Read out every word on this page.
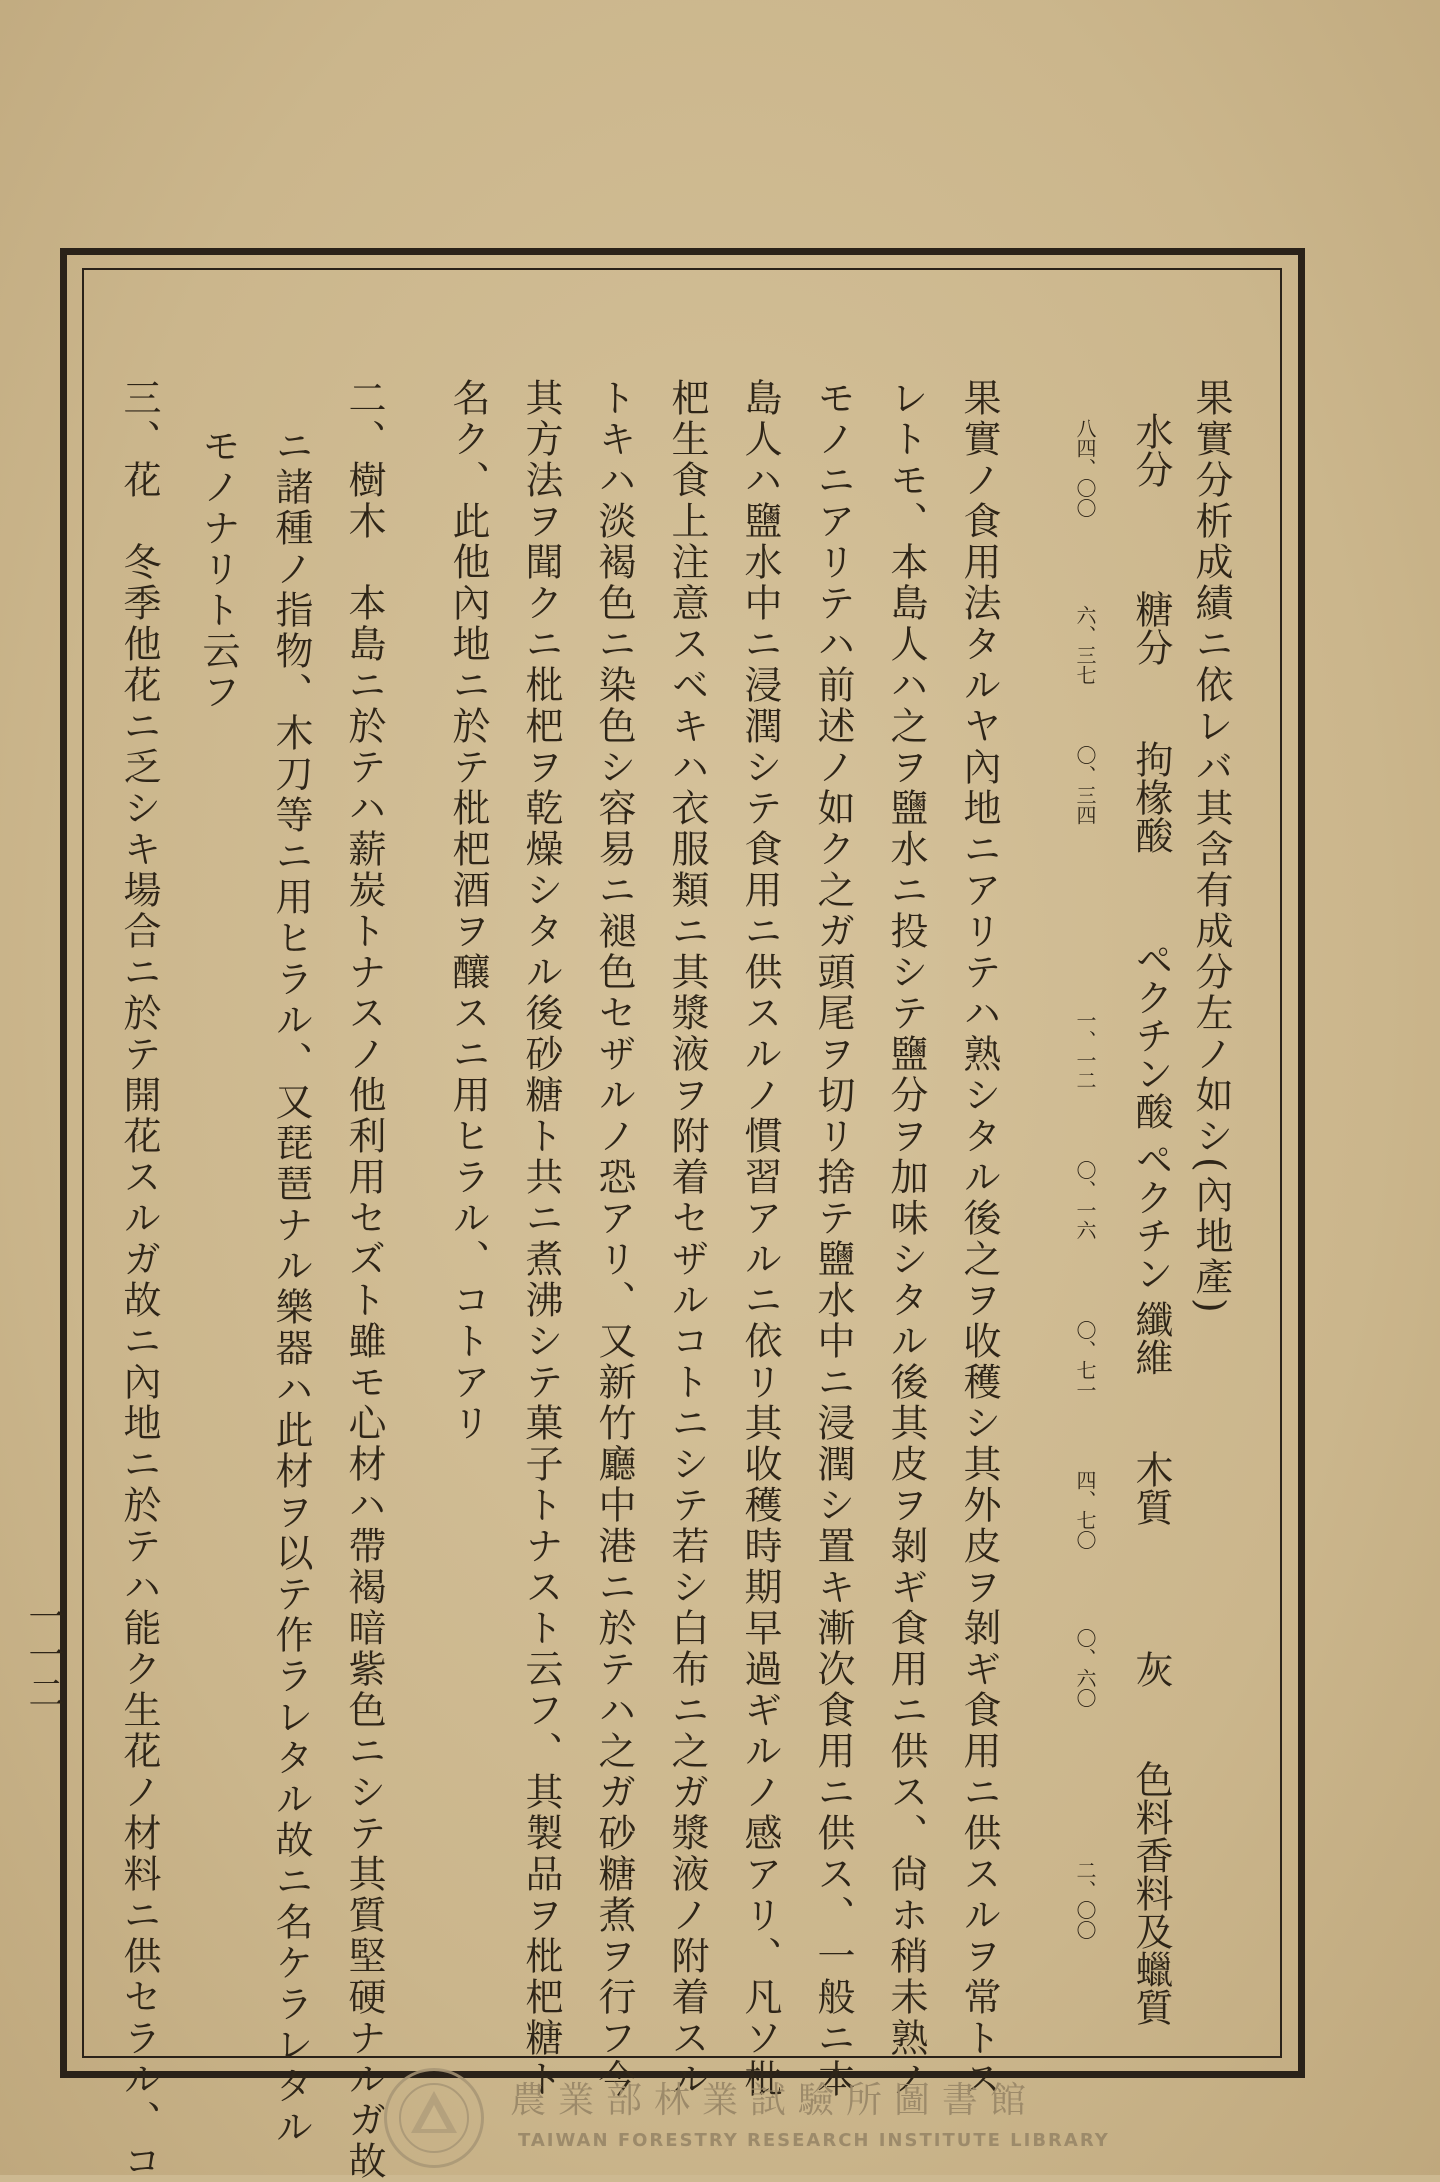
果實分析成績ニ依レバ其含有成分左ノ如シ(內地產)
水分
糖分
拘椽酸
ペクチン酸
ペクチン
纖維
木質
灰
色料香料及蠟質
八四、〇〇
六、三七
〇、三四
一、一二
〇、一六
〇、七一
四、七〇
〇、六〇
二、〇〇
果實ノ食用法タルヤ內地ニアリテハ熟シタル後之ヲ收穫シ其外皮ヲ剝ギ食用ニ供スルヲ常トス
レトモ、本島人ハ之ヲ鹽水ニ投シテ鹽分ヲ加味シタル後其皮ヲ剝ギ食用ニ供ス、尙ホ稍未熟ノ
モノニアリテハ前述ノ如ク之ガ頭尾ヲ切リ捨テ鹽水中ニ浸潤シ置キ漸次食用ニ供ス、一般ニ本
島人ハ鹽水中ニ浸潤シテ食用ニ供スルノ慣習アルニ依リ其收穫時期早過ギルノ感アリ、凡ソ枇
杷生食上注意スベキハ衣服類ニ其漿液ヲ附着セザルコトニシテ若シ白布ニ之ガ漿液ノ附着スル
トキハ淡褐色ニ染色シ容易ニ褪色セザルノ恐アリ、又新竹廳中港ニ於テハ之ガ砂糖煮ヲ行フ今
其方法ヲ聞クニ枇杷ヲ乾燥シタル後砂糖ト共ニ煮沸シテ菓子トナスト云フ、其製品ヲ枇杷糖ト
名ク、此他內地ニ於テ枇杷酒ヲ釀スニ用ヒラル、コトアリ
二、樹木　本島ニ於テハ薪炭トナスノ他利用セズト雖モ心材ハ帶褐暗紫色ニシテ其質堅硬ナルガ故
ニ諸種ノ指物、木刀等ニ用ヒラル、又琵琶ナル樂器ハ此材ヲ以テ作ラレタル故ニ名ケラレタル
モノナリト云フ
三、花　冬季他花ニ乏シキ場合ニ於テ開花スルガ故ニ內地ニ於テハ能ク生花ノ材料ニ供セラル、コ
一一二
農業部林業試驗所圖書館
TAIWAN FORESTRY RESEARCH INSTITUTE LIBRARY
